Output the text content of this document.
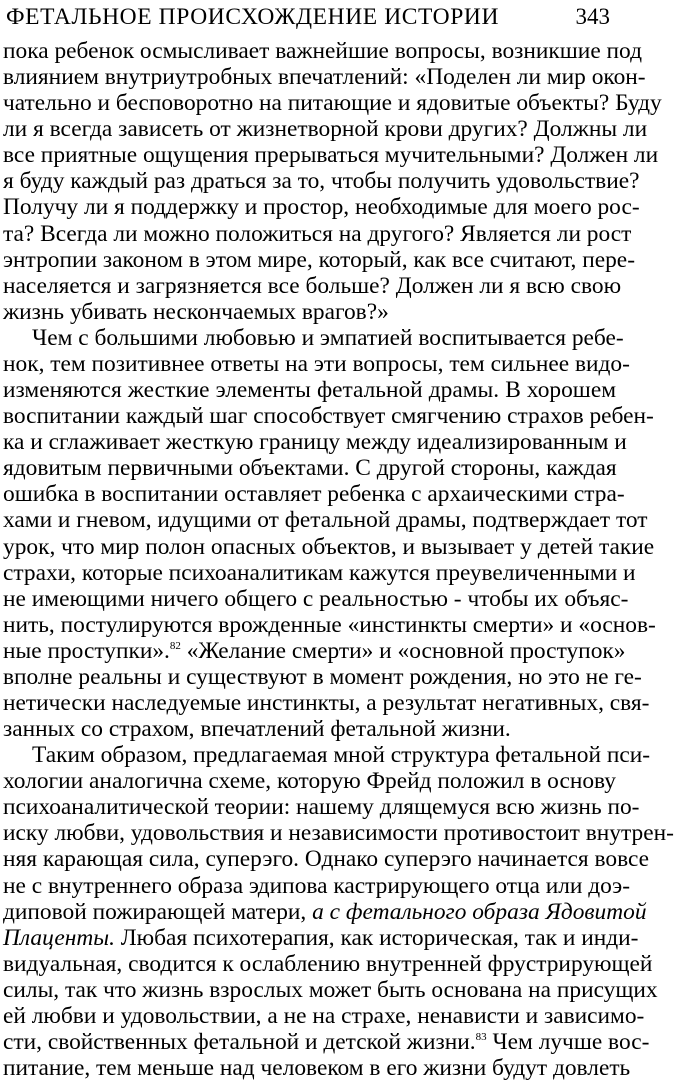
ФЕТАЛЬНОЕ ПРОИСХОЖДЕНИЕ ИСТОРИИ	343
пока ребенок осмысливает важнейшие вопросы, возникшие под
влиянием внутриутробных впечатлений: «Поделен ли мир окон-
чательно и бесповоротно на питающие и ядовитые объекты? Буду
ли я всегда зависеть от жизнетворной крови других? Должны ли
все приятные ощущения прерываться мучительными? Должен ли
я буду каждый раз драться за то, чтобы получить удовольствие?
Получу ли я поддержку и простор, необходимые для моего рос-
та? Всегда ли можно положиться на другого? Является ли рост
энтропии законом в этом мире, который, как все считают, пере-
населяется и загрязняется все больше? Должен ли я всю свою
жизнь убивать нескончаемых врагов?»
Чем с большими любовью и эмпатией воспитывается ребе-
нок, тем позитивнее ответы на эти вопросы, тем сильнее видо-
изменяются жесткие элементы фетальной драмы. В хорошем
воспитании каждый шаг способствует смягчению страхов ребен-
ка и сглаживает жесткую границу между идеализированным и
ядовитым первичными объектами. С другой стороны, каждая
ошибка в воспитании оставляет ребенка с архаическими стра-
хами и гневом, идущими от фетальной драмы, подтверждает тот
урок, что мир полон опасных объектов, и вызывает у детей такие
страхи, которые психоаналитикам кажутся преувеличенными и
не имеющими ничего общего с реальностью - чтобы их объяс-
нить, постулируются врожденные «инстинкты смерти» и «основ-
ные проступки».$^{82}$ «Желание смерти» и «основной проступок»
вполне реальны и существуют в момент рождения, но это не ге-
нетически наследуемые инстинкты, а результат негативных, свя-
занных со страхом, впечатлений фетальной жизни.
Таким образом, предлагаемая мной структура фетальной пси-
хологии аналогична схеме, которую Фрейд положил в основу
психоаналитической теории: нашему длящемуся всю жизнь по-
иску любви, удовольствия и независимости противостоит внутрен-
няя карающая сила, суперэго. Однако суперэго начинается вовсе
не с внутреннего образа эдипова кастрирующего отца или доэ-
диповой пожирающей матери, а с фетального образа Ядовитой
Плаценты. Любая психотерапия, как историческая, так и инди-
видуальная, сводится к ослаблению внутренней фрустрирующей
силы, так что жизнь взрослых может быть основана на присущих
ей любви и удовольствии, а не на страхе, ненависти и зависимо-
сти, свойственных фетальной и детской жизни.$^{83}$ Чем лучше вос-
питание, тем меньше над человеком в его жизни будут довлеть
